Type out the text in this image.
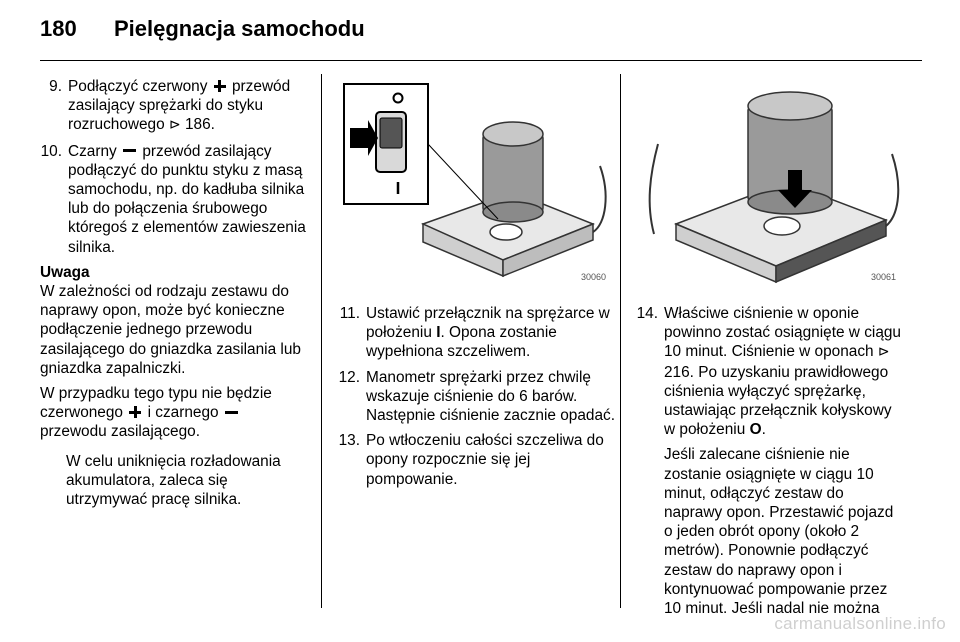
180 Pielęgnacja samochodu
9. Podłączyć czerwony przewód zasilający sprężarki do styku rozruchowego ⊳ 186.
10. Czarny przewód zasilający podłączyć do punktu styku z masą samochodu, np. do kadłuba silnika lub do połączenia śrubowego któregoś z elementów zawieszenia silnika.
Uwaga
W zależności od rodzaju zestawu do naprawy opon, może być konieczne podłączenie jednego przewodu zasilającego do gniazdka zasilania lub gniazdka zapalniczki.
W przypadku tego typu nie będzie czerwonego i czarnego  przewodu zasilającego.
W celu uniknięcia rozładowania akumulatora, zaleca się utrzymywać pracę silnika.
30060	30061
11. Ustawić przełącznik na sprężarce w położeniu I. Opona zostanie wypełniona szczeliwem.
12. Manometr sprężarki przez chwilę wskazuje ciśnienie do 6 barów. Następnie ciśnienie zacznie opadać.
13. Po wtłoczeniu całości szczeliwa do opony rozpocznie się jej pompowanie.
14. Właściwe ciśnienie w oponie powinno zostać osiągnięte w ciągu 10 minut. Ciśnienie w oponach ⊳ 216. Po uzyskaniu prawidłowego ciśnienia wyłączyć sprężarkę, ustawiając przełącznik kołyskowy w położeniu O.
Jeśli zalecane ciśnienie nie zostanie osiągnięte w ciągu 10 minut, odłączyć zestaw do naprawy opon. Przestawić pojazd o jeden obrót opony (około 2 metrów). Ponownie podłączyć zestaw do naprawy opon i kontynuować pompowanie przez 10 minut. Jeśli nadal nie można
carmanualsonline.info
